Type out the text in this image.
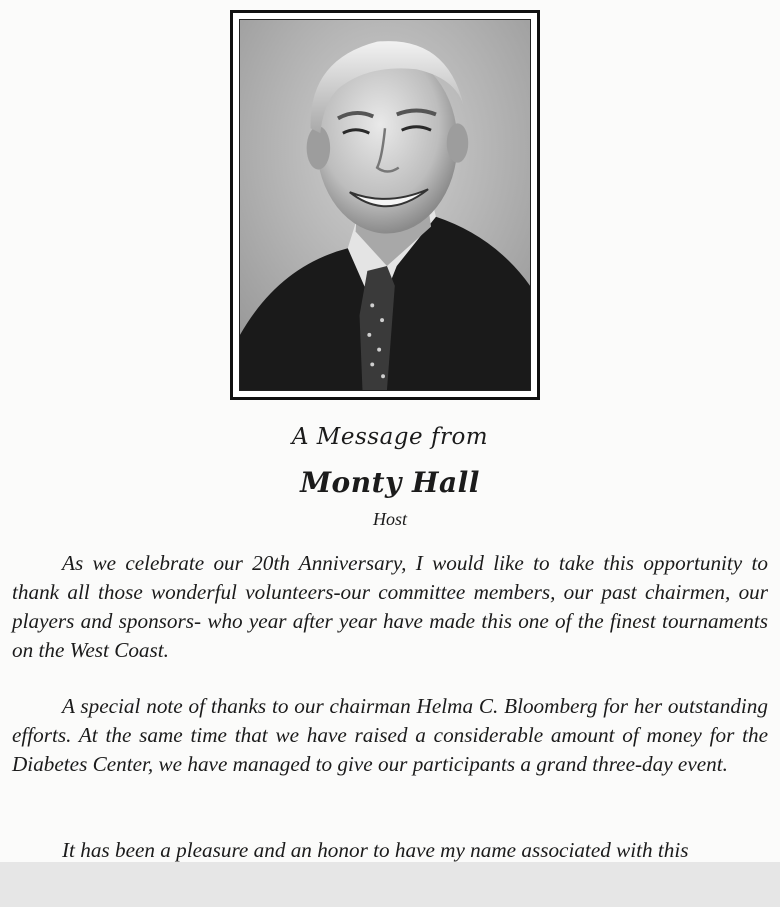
A Message from
Monty Hall
Host

As we celebrate our 20th Anniversary, I would like to take this opportunity to thank all those wonderful volunteers-our committee members, our past chairmen, our players and sponsors- who year after year have made this one of the finest tournaments on the West Coast.

A special note of thanks to our chairman Helma C. Bloomberg for her outstanding efforts. At the same time that we have raised a considerable amount of money for the Diabetes Center, we have managed to give our participants a grand three-day event.

It has been a pleasure and an honor to have my name associated with this
